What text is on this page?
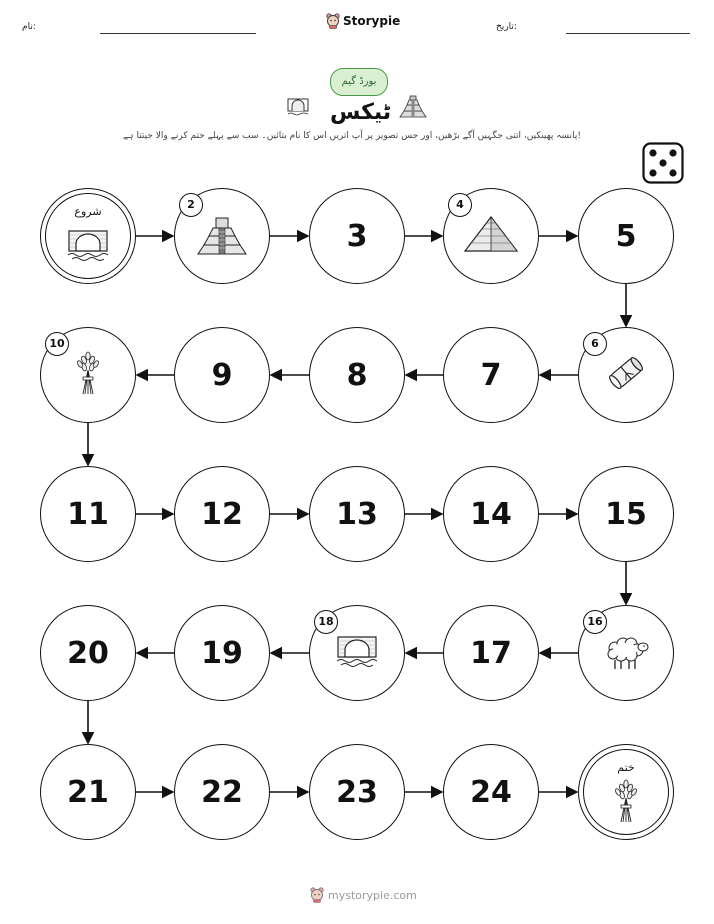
نام:	تاریخ:
Storypie
بورڈ گیم
ٹیکس
پانسہ پھینکیں، اتنی جگہیں آگے بڑھیں، اور جس تصویر پر آپ اتریں اس کا نام بتائیں۔ سب سے پہلے ختم کرنے والا جیتتا ہے!
شروع
2
3
4
5
6
7
8
9
10
11	12	13	14	15
16
17
18
19
20
21	22	23	24
ختم
mystorypie.com
